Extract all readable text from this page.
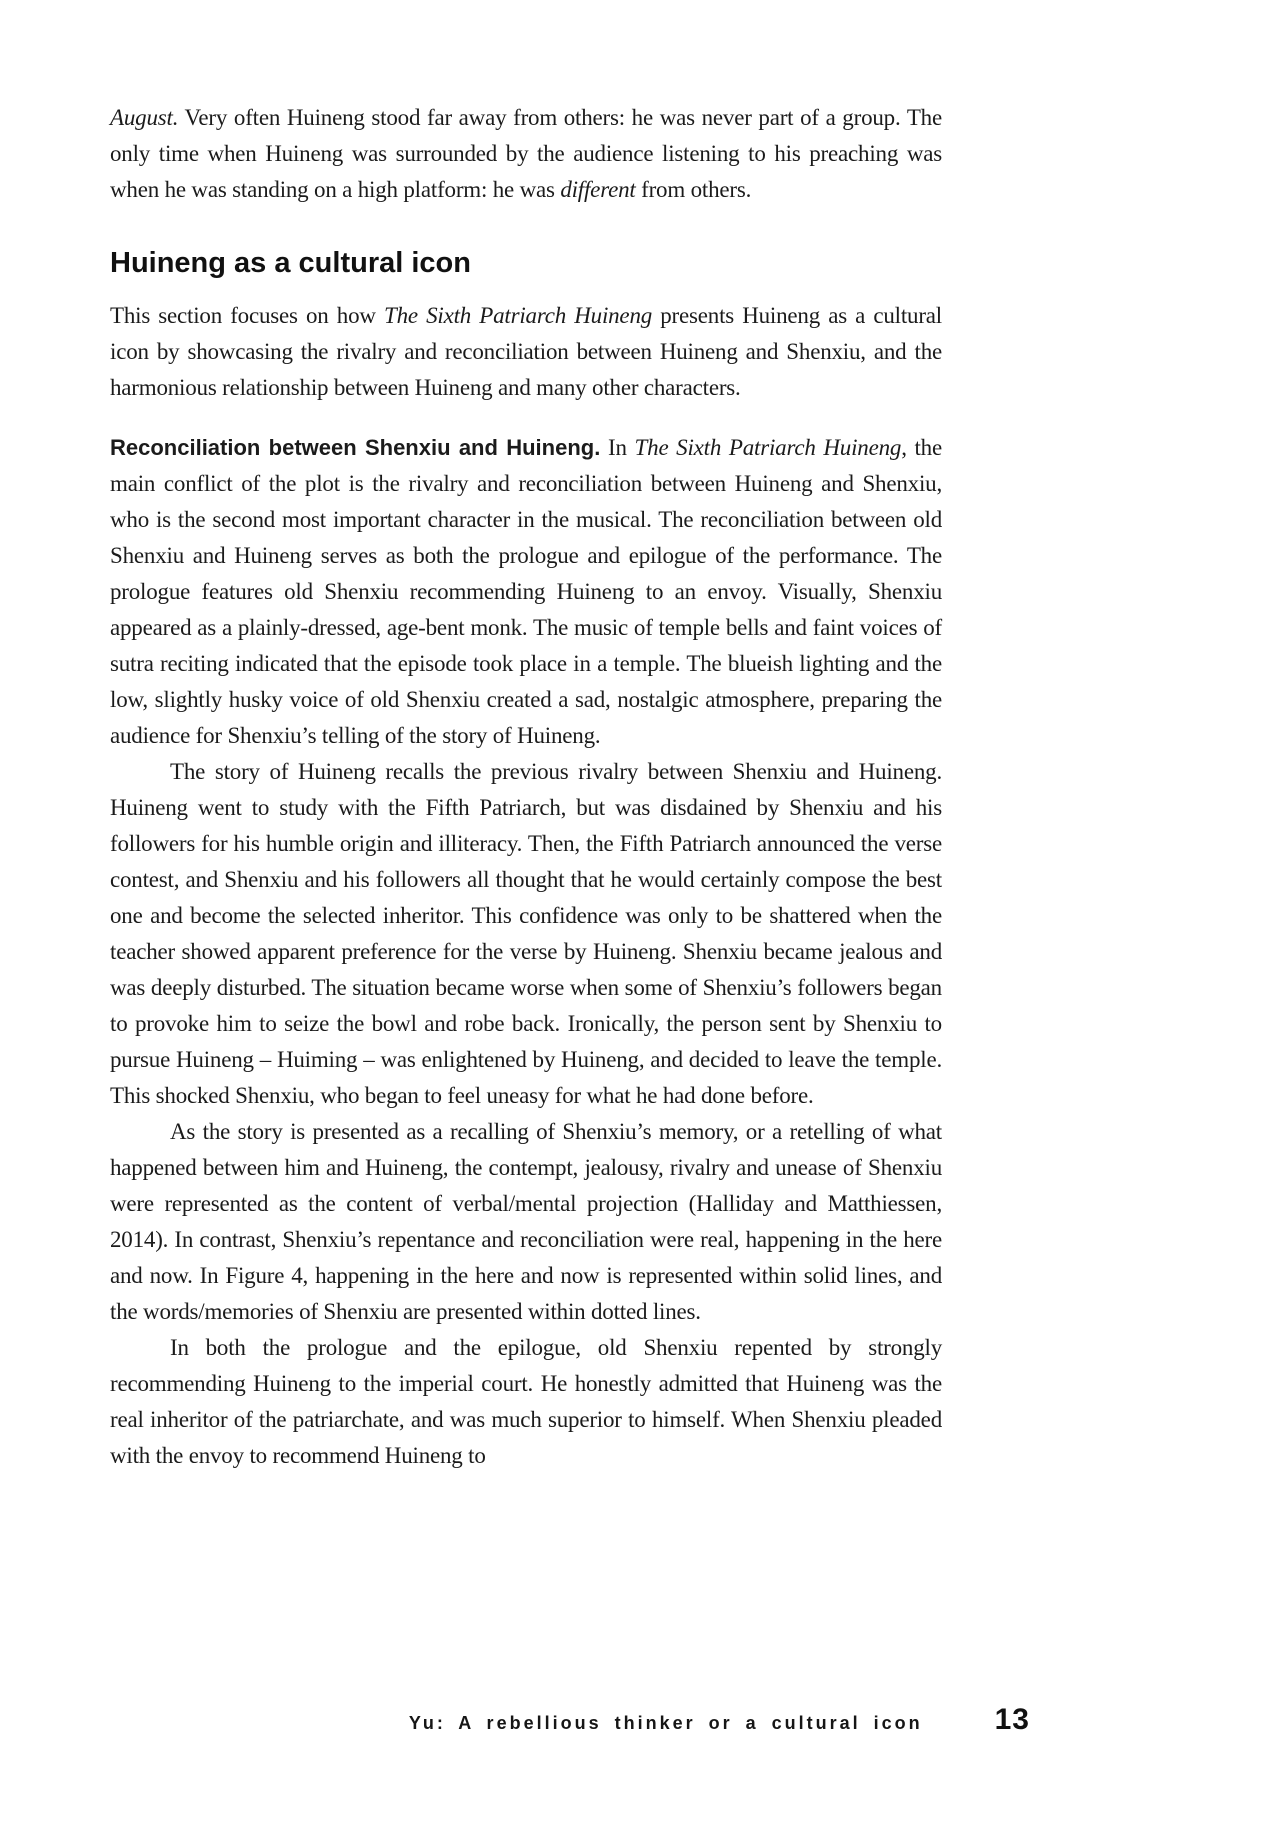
August. Very often Huineng stood far away from others: he was never part of a group. The only time when Huineng was surrounded by the audience listening to his preaching was when he was standing on a high platform: he was different from others.

Huineng as a cultural icon

This section focuses on how The Sixth Patriarch Huineng presents Huineng as a cultural icon by showcasing the rivalry and reconciliation between Huineng and Shenxiu, and the harmonious relationship between Huineng and many other characters.

Reconciliation between Shenxiu and Huineng. In The Sixth Patriarch Huineng, the main conflict of the plot is the rivalry and reconciliation between Huineng and Shenxiu, who is the second most important character in the musical. The reconciliation between old Shenxiu and Huineng serves as both the prologue and epilogue of the performance. The prologue features old Shenxiu recommending Huineng to an envoy. Visually, Shenxiu appeared as a plainly-dressed, age-bent monk. The music of temple bells and faint voices of sutra reciting indicated that the episode took place in a temple. The blueish lighting and the low, slightly husky voice of old Shenxiu created a sad, nostalgic atmosphere, preparing the audience for Shenxiu’s telling of the story of Huineng.

The story of Huineng recalls the previous rivalry between Shenxiu and Huineng. Huineng went to study with the Fifth Patriarch, but was disdained by Shenxiu and his followers for his humble origin and illiteracy. Then, the Fifth Patriarch announced the verse contest, and Shenxiu and his followers all thought that he would certainly compose the best one and become the selected inheritor. This confidence was only to be shattered when the teacher showed apparent preference for the verse by Huineng. Shenxiu became jealous and was deeply disturbed. The situation became worse when some of Shenxiu’s followers began to provoke him to seize the bowl and robe back. Ironically, the person sent by Shenxiu to pursue Huineng – Huiming – was enlightened by Huineng, and decided to leave the temple. This shocked Shenxiu, who began to feel uneasy for what he had done before.

As the story is presented as a recalling of Shenxiu’s memory, or a retelling of what happened between him and Huineng, the contempt, jealousy, rivalry and unease of Shenxiu were represented as the content of verbal/mental projection (Halliday and Matthiessen, 2014). In contrast, Shenxiu’s repentance and reconciliation were real, happening in the here and now. In Figure 4, happening in the here and now is represented within solid lines, and the words/memories of Shenxiu are presented within dotted lines.

In both the prologue and the epilogue, old Shenxiu repented by strongly recommending Huineng to the imperial court. He honestly admitted that Huineng was the real inheritor of the patriarchate, and was much superior to himself. When Shenxiu pleaded with the envoy to recommend Huineng to

Yu: A rebellious thinker or a cultural icon 13
